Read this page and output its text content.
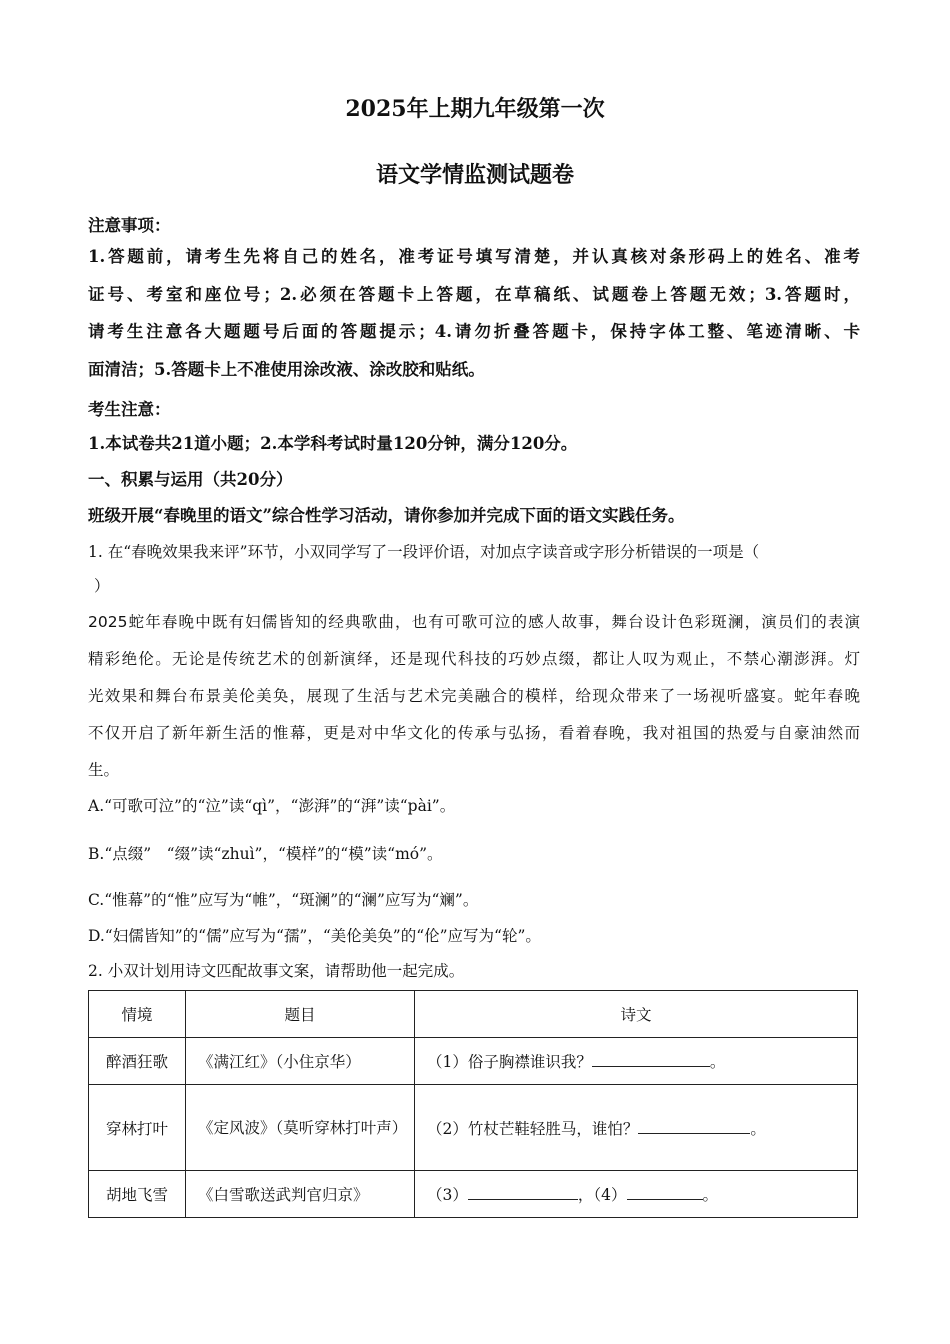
2025年上期九年级第一次
语文学情监测试题卷
注意事项：
1.答题前，请考生先将自己的姓名，准考证号填写清楚，并认真核对条形码上的姓名、准考
证号、考室和座位号；2.必须在答题卡上答题，在草稿纸、试题卷上答题无效；3.答题时，
请考生注意各大题题号后面的答题提示；4.请勿折叠答题卡，保持字体工整、笔迹清晰、卡
面清洁；5.答题卡上不准使用涂改液、涂改胶和贴纸。
考生注意：
1.本试卷共21道小题；2.本学科考试时量120分钟，满分120分。
一、积累与运用（共20分）
班级开展“春晚里的语文”综合性学习活动，请你参加并完成下面的语文实践任务。
1. 在“春晚效果我来评”环节，小双同学写了一段评价语，对加点字读音或字形分析错误的一项是（
）
2025蛇年春晚中既有妇儒皆知的经典歌曲，也有可歌可泣的感人故事，舞台设计色彩斑澜，演员们的表演
精彩绝伦。无论是传统艺术的创新演绎，还是现代科技的巧妙点缀，都让人叹为观止，不禁心潮澎湃。灯
光效果和舞台布景美伦美奂，展现了生活与艺术完美融合的模样，给现众带来了一场视听盛宴。蛇年春晚
不仅开启了新年新生活的惟幕，更是对中华文化的传承与弘扬，看着春晚，我对祖国的热爱与自豪油然而
生。
A.“可歌可泣”的“泣”读“qì”，“澎湃”的“湃”读“pài”。
B.“点缀”　“缀”读“zhuì”，“模样”的“模”读“mó”。
C.“惟幕”的“惟”应写为“帷”，“斑澜”的“澜”应写为“斓”。
D.“妇儒皆知”的“儒”应写为“孺”，“美伦美奂”的“伦”应写为“轮”。
2. 小双计划用诗文匹配故事文案，请帮助他一起完成。
情境	题目	诗文
醉酒狂歌	《满江红》（小住京华）	（1）俗子胸襟谁识我？ 。
穿林打叶	《定风波》（莫听穿林打叶声）	（2）竹杖芒鞋轻胜马，谁怕？ 。
胡地飞雪	《白雪歌送武判官归京》	（3） ，（4） 。
